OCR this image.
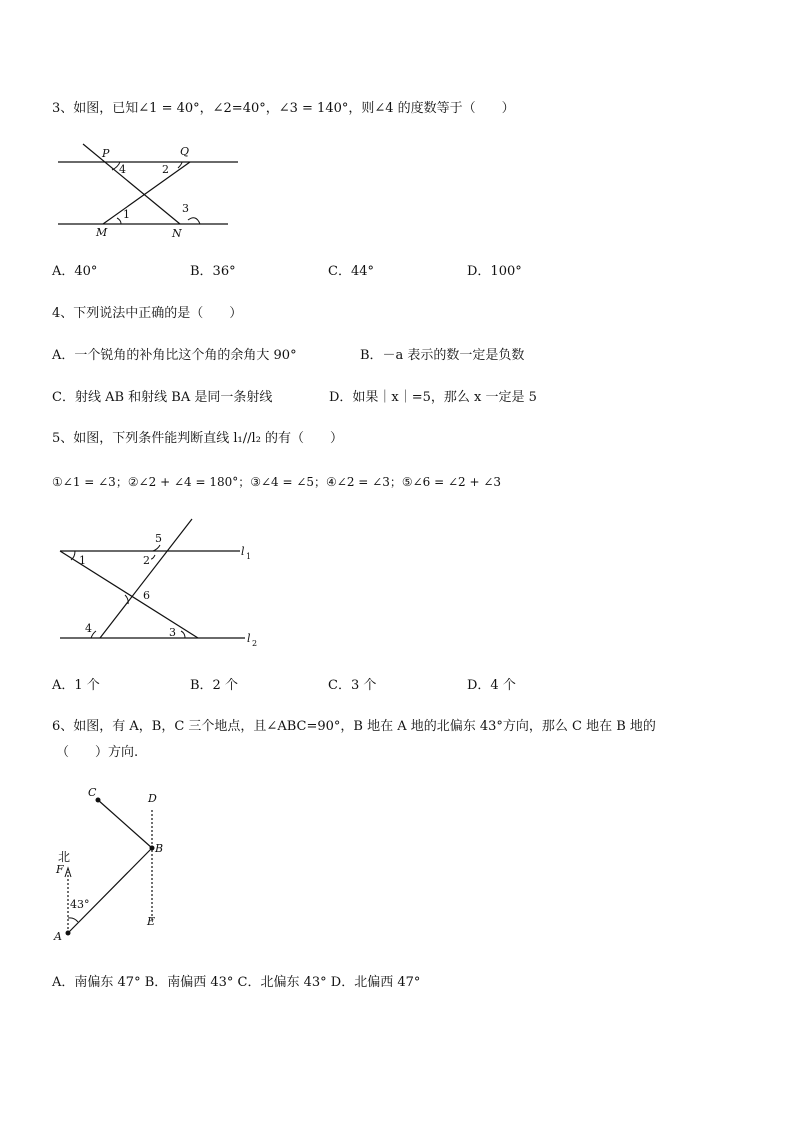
3、如图，已知∠1 = 40°，∠2=40°，∠3 = 140°，则∠4 的度数等于（　　）
P	Q
M	N
4	2
1	3
A．40°	B．36°	C．44°	D．100°
4、下列说法中正确的是（　　）
A．一个锐角的补角比这个角的余角大 90°	B．－a 表示的数一定是负数
C．射线 AB 和射线 BA 是同一条射线	D．如果｜x｜=5，那么 x 一定是 5
5、如图，下列条件能判断直线 l₁//l₂ 的有（　　）
①∠1 = ∠3；②∠2 + ∠4 = 180°；③∠4 = ∠5；④∠2 = ∠3；⑤∠6 = ∠2 + ∠3
1	2
5
6
4	3
l 1
l 2
A．1 个	B．2 个	C．3 个	D．4 个
6、如图，有 A，B，C 三个地点，且∠ABC=90°，B 地在 A 地的北偏东 43°方向，那么 C 地在 B 地的
（　　）方向.
A
B
C	D
E
F
北
43°
A．南偏东 47° B．南偏西 43° C．北偏东 43° D．北偏西 47°
